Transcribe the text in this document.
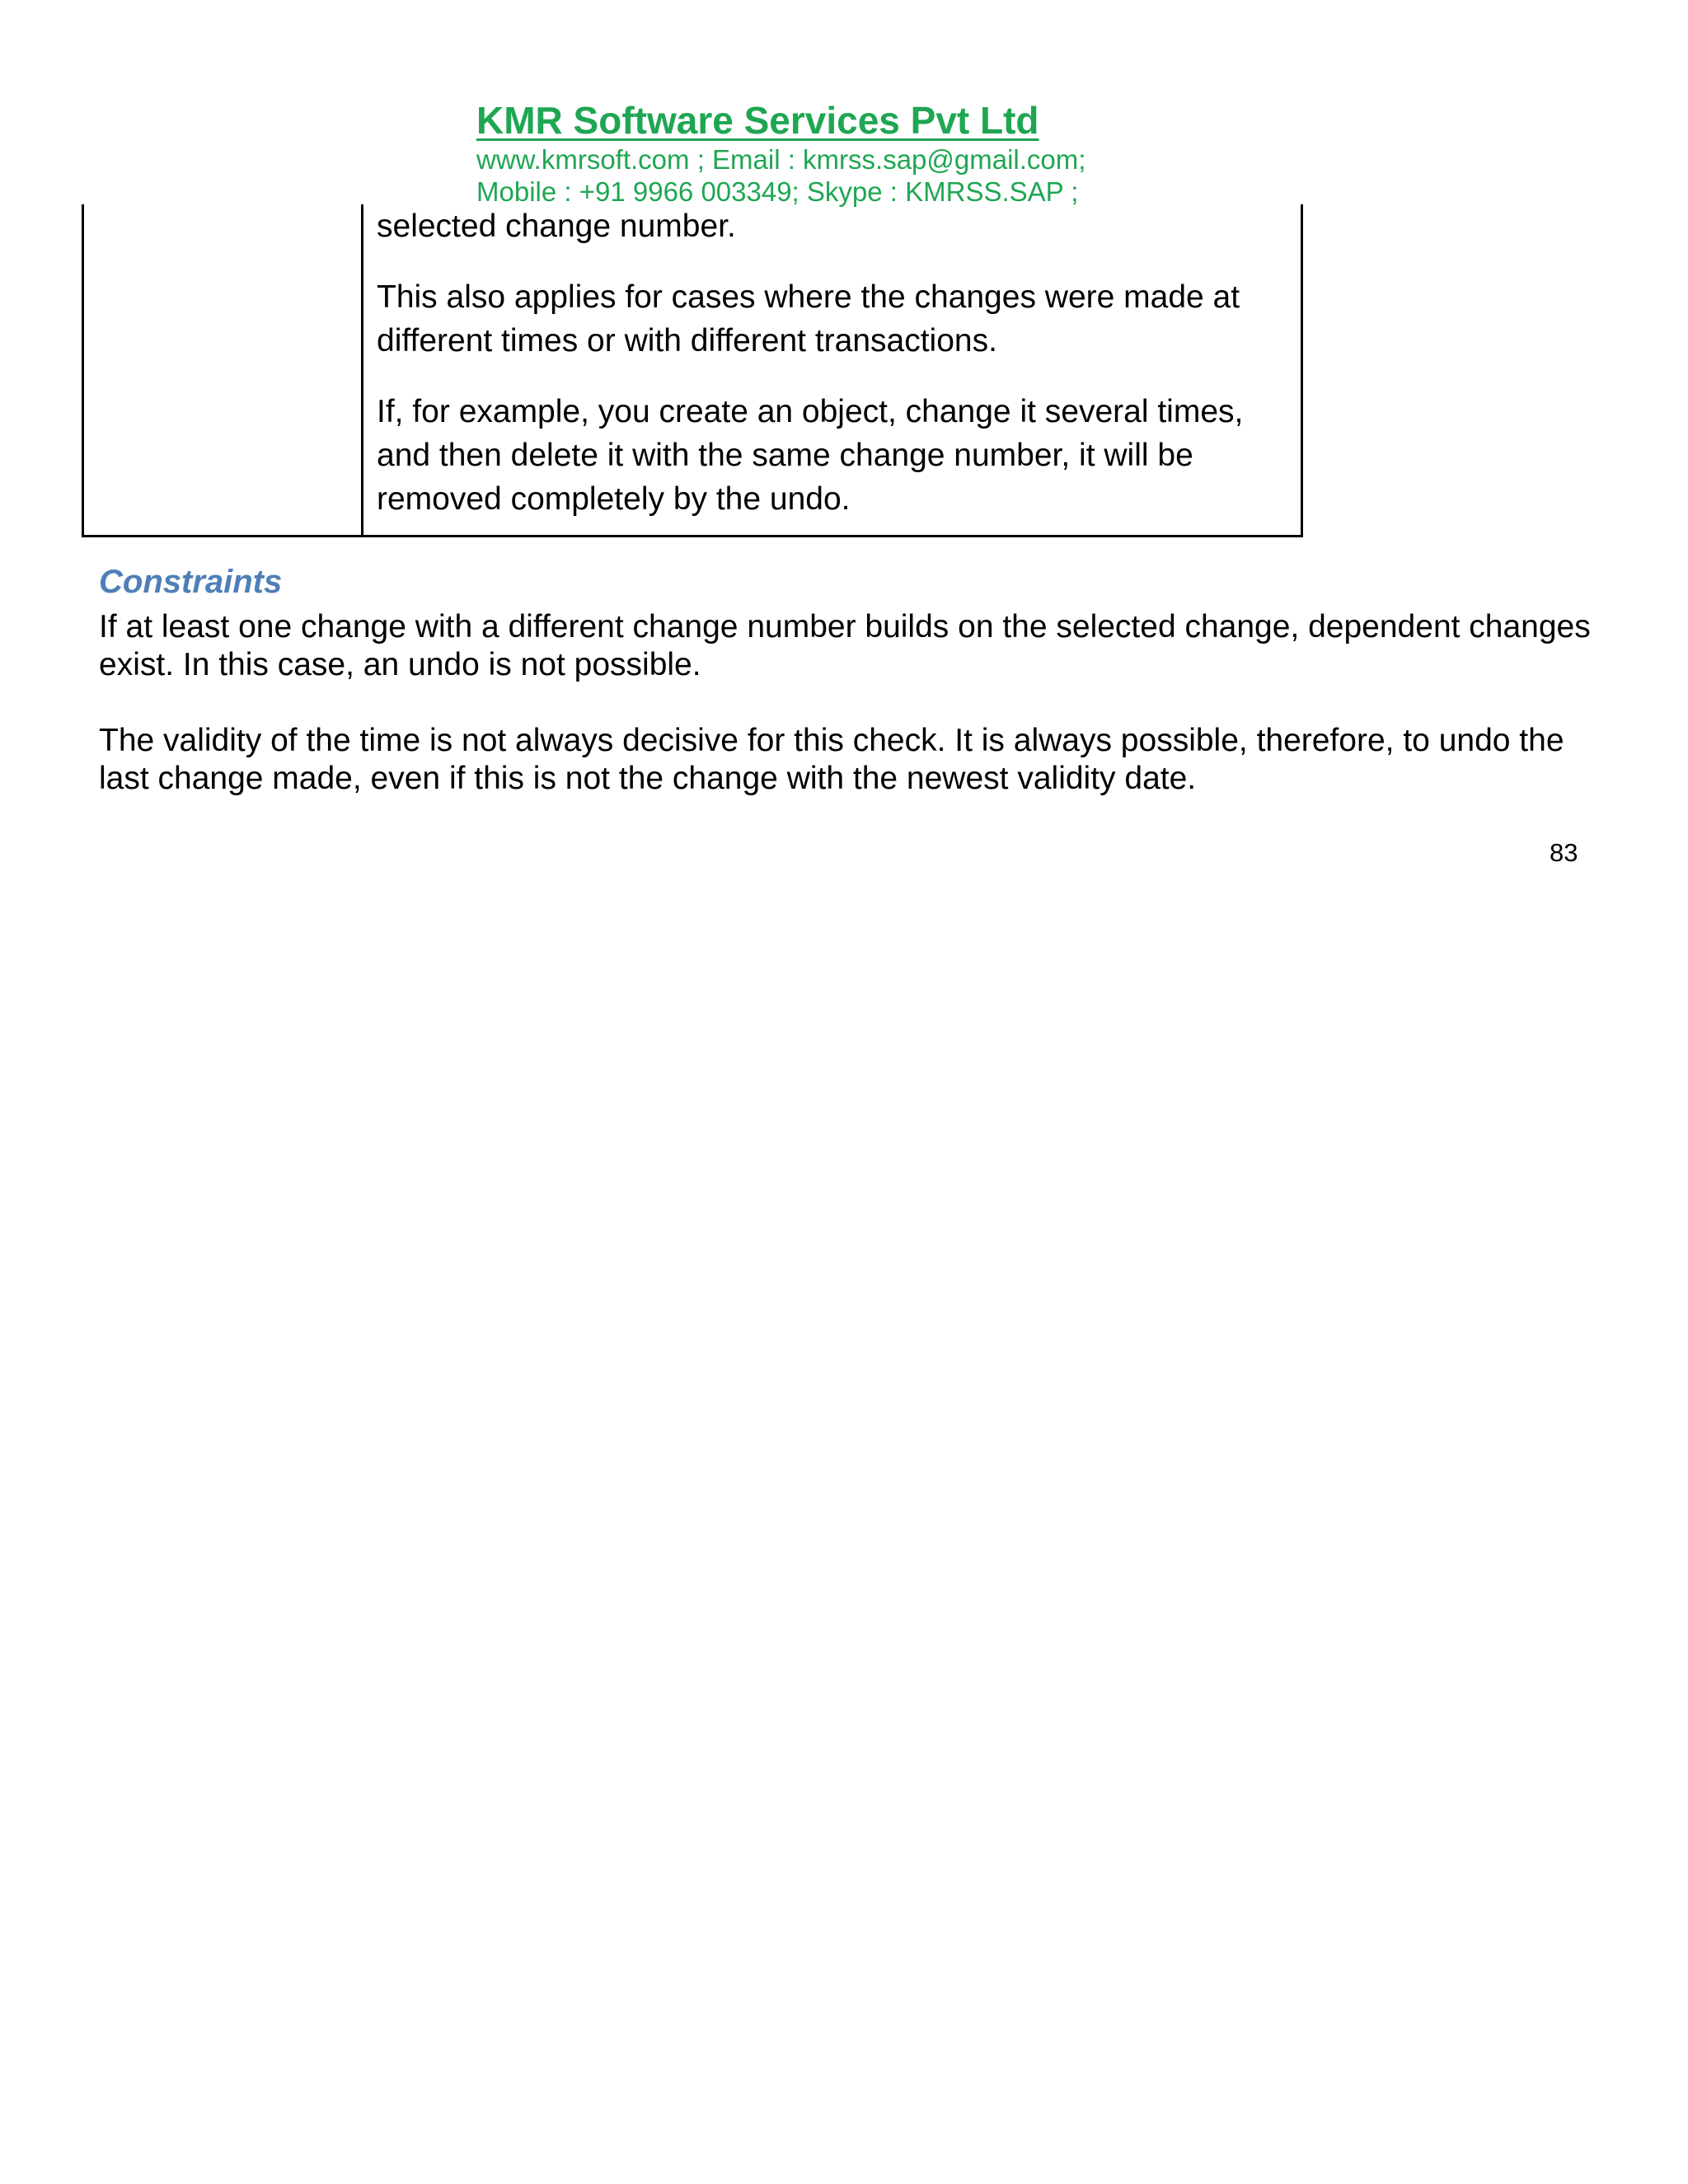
KMR Software Services Pvt Ltd
www.kmrsoft.com ; Email : kmrss.sap@gmail.com;
Mobile : +91 9966 003349; Skype : KMRSS.SAP ;

selected change number.

This also applies for cases where the changes were made at different times or with different transactions.

If, for example, you create an object, change it several times, and then delete it with the same change number, it will be removed completely by the undo.

Constraints

If at least one change with a different change number builds on the selected change, dependent changes exist. In this case, an undo is not possible.

The validity of the time is not always decisive for this check. It is always possible, therefore, to undo the last change made, even if this is not the change with the newest validity date.

83
